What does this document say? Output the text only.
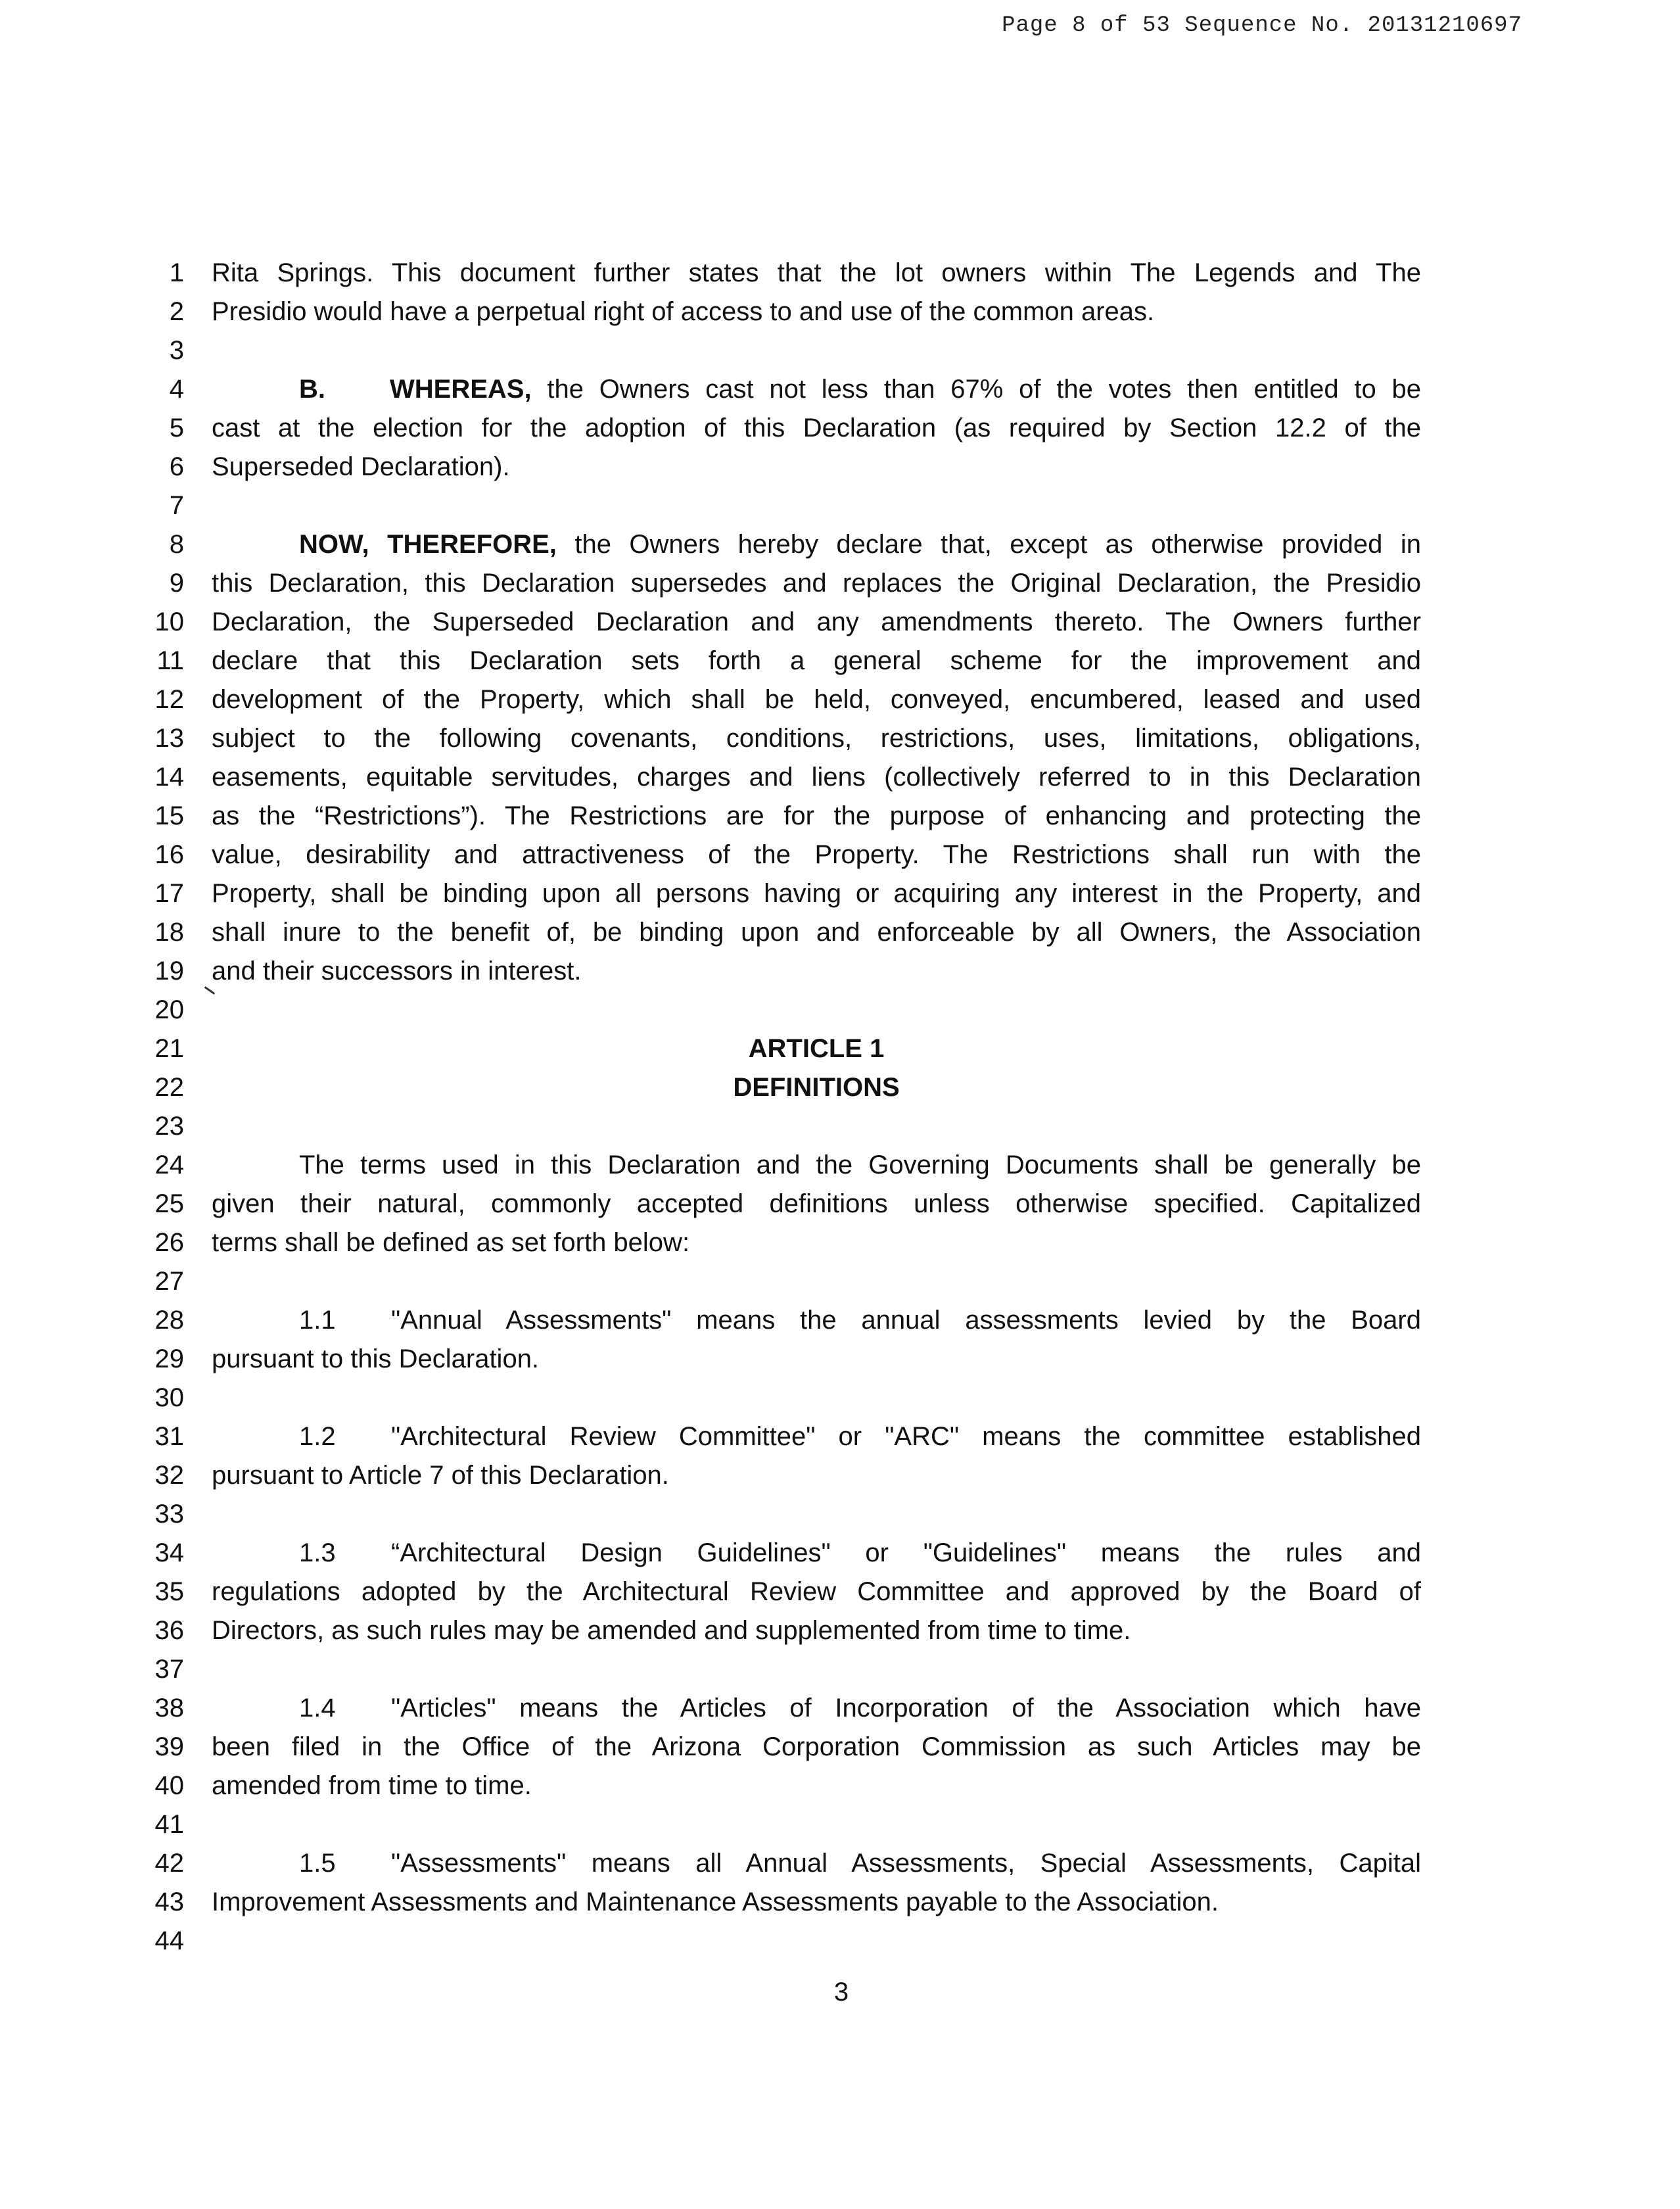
Page 8 of 53 Sequence No. 20131210697
1
2
3
4
5
6
7
8
9
10
11
12
13
14
15
16
17
18
19
20
21
22
23
24
25
26
27
28
29
30
31
32
33
34
35
36
37
38
39
40
41
42
43
44
Rita Springs. This document further states that the lot owners within The Legends and The
Presidio would have a perpetual right of access to and use of the common areas.
B. WHEREAS, the Owners cast not less than 67% of the votes then entitled to be
cast at the election for the adoption of this Declaration (as required by Section 12.2 of the
Superseded Declaration).
NOW, THEREFORE, the Owners hereby declare that, except as otherwise provided in
this Declaration, this Declaration supersedes and replaces the Original Declaration, the Presidio
Declaration, the Superseded Declaration and any amendments thereto. The Owners further
declare that this Declaration sets forth a general scheme for the improvement and
development of the Property, which shall be held, conveyed, encumbered, leased and used
subject to the following covenants, conditions, restrictions, uses, limitations, obligations,
easements, equitable servitudes, charges and liens (collectively referred to in this Declaration
as the “Restrictions”). The Restrictions are for the purpose of enhancing and protecting the
value, desirability and attractiveness of the Property. The Restrictions shall run with the
Property, shall be binding upon all persons having or acquiring any interest in the Property, and
shall inure to the benefit of, be binding upon and enforceable by all Owners, the Association
and their successors in interest.
ARTICLE 1
DEFINITIONS
The terms used in this Declaration and the Governing Documents shall be generally be
given their natural, commonly accepted definitions unless otherwise specified. Capitalized
terms shall be defined as set forth below:
1.1 "Annual Assessments" means the annual assessments levied by the Board
pursuant to this Declaration.
1.2 "Architectural Review Committee" or "ARC" means the committee established
pursuant to Article 7 of this Declaration.
1.3 “Architectural Design Guidelines" or "Guidelines" means the rules and
regulations adopted by the Architectural Review Committee and approved by the Board of
Directors, as such rules may be amended and supplemented from time to time.
1.4 "Articles" means the Articles of Incorporation of the Association which have
been filed in the Office of the Arizona Corporation Commission as such Articles may be
amended from time to time.
1.5 "Assessments" means all Annual Assessments, Special Assessments, Capital
Improvement Assessments and Maintenance Assessments payable to the Association.
3
